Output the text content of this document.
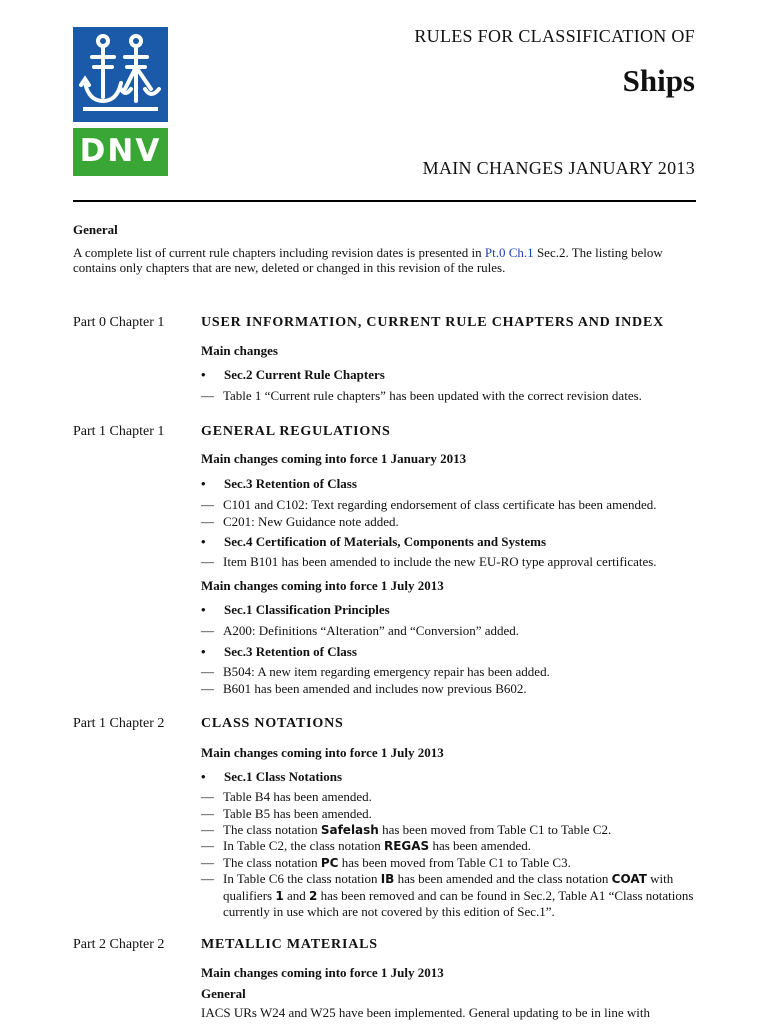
DNV
RULES FOR CLASSIFICATION OF
Ships
MAIN CHANGES JANUARY 2013
General
A complete list of current rule chapters including revision dates is presented in Pt.0 Ch.1 Sec.2. The listing below contains only chapters that are new, deleted or changed in this revision of the rules.
Part 0 Chapter 1	USER INFORMATION, CURRENT RULE CHAPTERS AND INDEX
Main changes
• Sec.2 Current Rule Chapters
— Table 1 “Current rule chapters” has been updated with the correct revision dates.
Part 1 Chapter 1	GENERAL REGULATIONS
Main changes coming into force 1 January 2013
• Sec.3 Retention of Class
— C101 and C102: Text regarding endorsement of class certificate has been amended.
— C201: New Guidance note added.
• Sec.4 Certification of Materials, Components and Systems
— Item B101 has been amended to include the new EU-RO type approval certificates.
Main changes coming into force 1 July 2013
• Sec.1 Classification Principles
— A200: Definitions “Alteration” and “Conversion” added.
• Sec.3 Retention of Class
— B504: A new item regarding emergency repair has been added.
— B601 has been amended and includes now previous B602.
Part 1 Chapter 2	CLASS NOTATIONS
Main changes coming into force 1 July 2013
• Sec.1 Class Notations
— Table B4 has been amended.
— Table B5 has been amended.
— The class notation Safelash has been moved from Table C1 to Table C2.
— In Table C2, the class notation REGAS has been amended.
— The class notation PC has been moved from Table C1 to Table C3.
— In Table C6 the class notation IB has been amended and the class notation COAT with qualifiers 1 and 2 has been removed and can be found in Sec.2, Table A1 “Class notations currently in use which are not covered by this edition of Sec.1”.
Part 2 Chapter 2	METALLIC MATERIALS
Main changes coming into force 1 July 2013
General
IACS URs W24 and W25 have been implemented. General updating to be in line with
